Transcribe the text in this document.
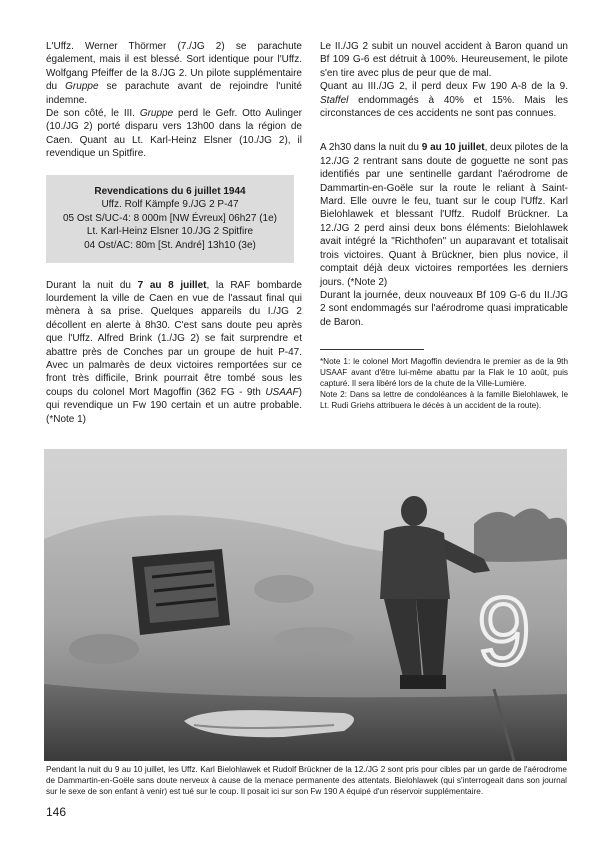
L'Uffz. Werner Thörmer (7./JG 2) se parachute également, mais il est blessé. Sort identique pour l'Uffz. Wolfgang Pfeiffer de la 8./JG 2. Un pilote supplémentaire du Gruppe se parachute avant de rejoindre l'unité indemne.

De son côté, le III. Gruppe perd le Gefr. Otto Aulinger (10./JG 2) porté disparu vers 13h00 dans la région de Caen. Quant au Lt. Karl-Heinz Elsner (10./JG 2), il revendique un Spitfire.

Revendications du 6 juillet 1944
Uffz. Rolf Kämpfe 9./JG 2 P-47
05 Ost S/UC-4: 8 000m [NW Évreux] 06h27 (1e)
Lt. Karl-Heinz Elsner 10./JG 2 Spitfire
04 Ost/AC: 80m [St. André] 13h10 (3e)

Durant la nuit du 7 au 8 juillet, la RAF bombarde lourdement la ville de Caen en vue de l'assaut final qui mènera à sa prise. Quelques appareils du I./JG 2 décollent en alerte à 8h30. C'est sans doute peu après que l'Uffz. Alfred Brink (1./JG 2) se fait surprendre et abattre près de Conches par un groupe de huit P-47. Avec un palmarès de deux victoires remportées sur ce front très difficile, Brink pourrait être tombé sous les coups du colonel Mort Magoffin (362 FG - 9th USAAF) qui revendique un Fw 190 certain et un autre probable. (*Note 1)

Le II./JG 2 subit un nouvel accident à Baron quand un Bf 109 G-6 est détruit à 100%. Heureusement, le pilote s'en tire avec plus de peur que de mal.
Quant au III./JG 2, il perd deux Fw 190 A-8 de la 9. Staffel endommagés à 40% et 15%. Mais les circonstances de ces accidents ne sont pas connues.

A 2h30 dans la nuit du 9 au 10 juillet, deux pilotes de la 12./JG 2 rentrant sans doute de goguette ne sont pas identifiés par une sentinelle gardant l'aérodrome de Dammartin-en-Goële sur la route le reliant à Saint-Mard. Elle ouvre le feu, tuant sur le coup l'Uffz. Karl Bielohlawek et blessant l'Uffz. Rudolf Brückner. La 12./JG 2 perd ainsi deux bons éléments: Bielohlawek avait intégré la "Richthofen" un auparavant et totalisait trois victoires. Quant à Brückner, bien plus novice, il comptait déjà deux victoires remportées les derniers jours. (*Note 2)

Durant la journée, deux nouveaux Bf 109 G-6 du II./JG 2 sont endommagés sur l'aérodrome quasi impraticable de Baron.

*Note 1: le colonel Mort Magoffin deviendra le premier as de la 9th USAAF avant d'être lui-même abattu par la Flak le 10 août, puis capturé. Il sera libéré lors de la chute de la Ville-Lumière.
Note 2: Dans sa lettre de condoléances à la famille Bielohlawek, le Lt. Rudi Griehs attribuera le décès à un accident de la route).
9
Pendant la nuit du 9 au 10 juillet, les Uffz. Karl Bielohlawek et Rudolf Brückner de la 12./JG 2 sont pris pour cibles par un garde de l'aérodrome de Dammartin-en-Goële sans doute nerveux à cause de la menace permanente des attentats. Bielohlawek (qui s'interrogeait dans son journal sur le sexe de son enfant à venir) est tué sur le coup. Il posait ici sur son Fw 190 A équipé d'un réservoir supplémentaire.
146
